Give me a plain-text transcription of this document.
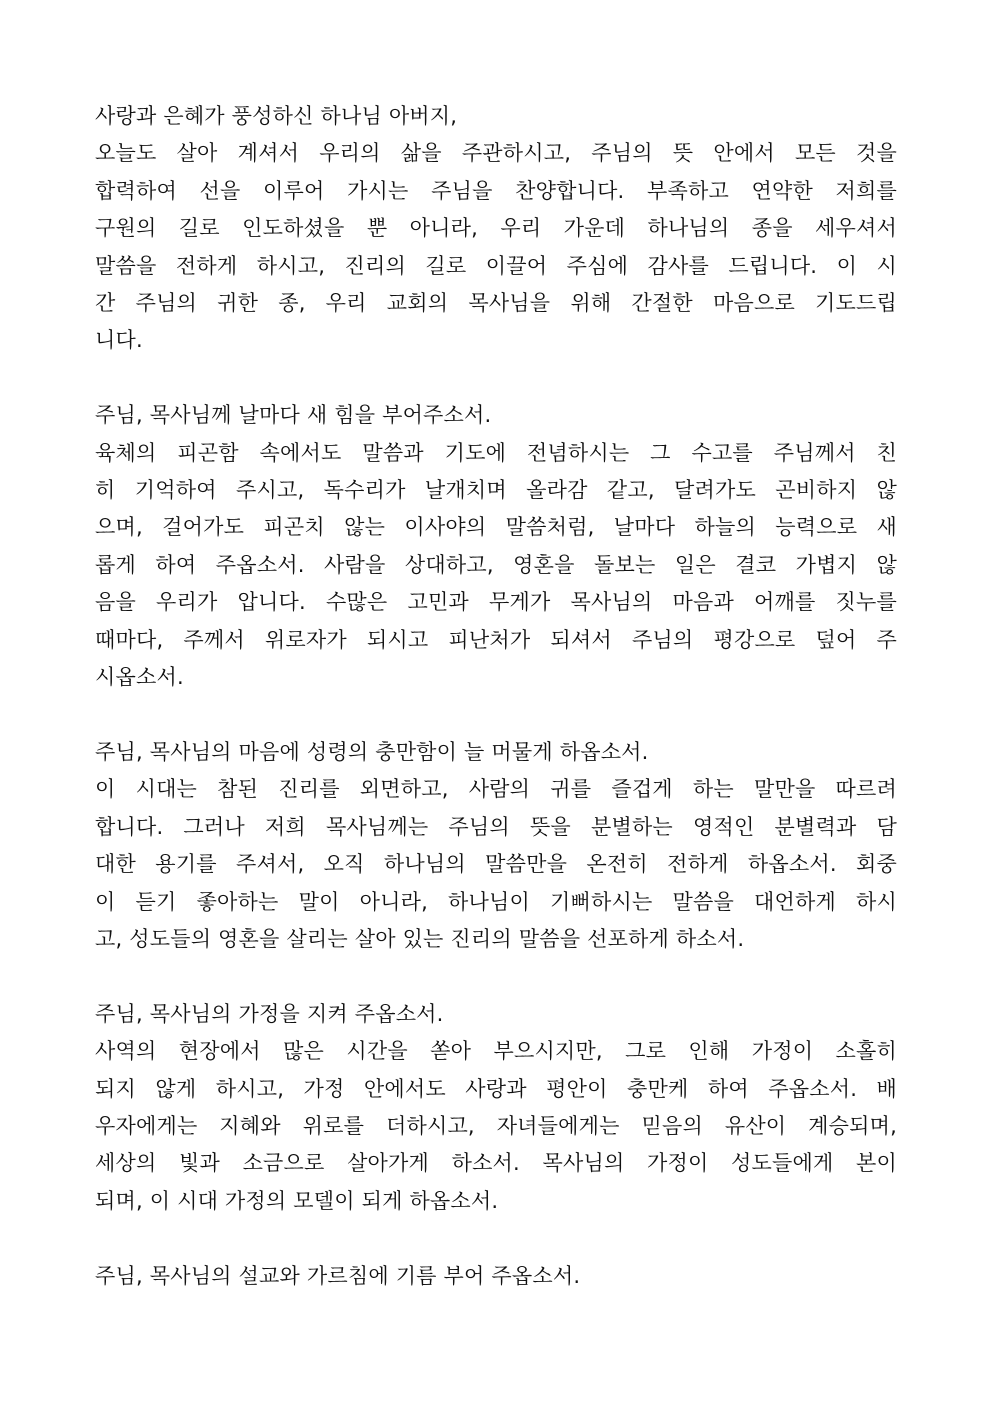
사랑과 은혜가 풍성하신 하나님 아버지,

오늘도 살아 계셔서 우리의 삶을 주관하시고, 주님의 뜻 안에서 모든 것을

합력하여 선을 이루어 가시는 주님을 찬양합니다. 부족하고 연약한 저희를

구원의 길로 인도하셨을 뿐 아니라, 우리 가운데 하나님의 종을 세우셔서

말씀을 전하게 하시고, 진리의 길로 이끌어 주심에 감사를 드립니다. 이 시

간 주님의 귀한 종, 우리 교회의 목사님을 위해 간절한 마음으로 기도드립

니다.

주님, 목사님께 날마다 새 힘을 부어주소서.

육체의 피곤함 속에서도 말씀과 기도에 전념하시는 그 수고를 주님께서 친

히 기억하여 주시고, 독수리가 날개치며 올라감 같고, 달려가도 곤비하지 않

으며, 걸어가도 피곤치 않는 이사야의 말씀처럼, 날마다 하늘의 능력으로 새

롭게 하여 주옵소서. 사람을 상대하고, 영혼을 돌보는 일은 결코 가볍지 않

음을 우리가 압니다. 수많은 고민과 무게가 목사님의 마음과 어깨를 짓누를

때마다, 주께서 위로자가 되시고 피난처가 되셔서 주님의 평강으로 덮어 주

시옵소서.

주님, 목사님의 마음에 성령의 충만함이 늘 머물게 하옵소서.

이 시대는 참된 진리를 외면하고, 사람의 귀를 즐겁게 하는 말만을 따르려

합니다. 그러나 저희 목사님께는 주님의 뜻을 분별하는 영적인 분별력과 담

대한 용기를 주셔서, 오직 하나님의 말씀만을 온전히 전하게 하옵소서. 회중

이 듣기 좋아하는 말이 아니라, 하나님이 기뻐하시는 말씀을 대언하게 하시

고, 성도들의 영혼을 살리는 살아 있는 진리의 말씀을 선포하게 하소서.

주님, 목사님의 가정을 지켜 주옵소서.

사역의 현장에서 많은 시간을 쏟아 부으시지만, 그로 인해 가정이 소홀히

되지 않게 하시고, 가정 안에서도 사랑과 평안이 충만케 하여 주옵소서. 배

우자에게는 지혜와 위로를 더하시고, 자녀들에게는 믿음의 유산이 계승되며,

세상의 빛과 소금으로 살아가게 하소서. 목사님의 가정이 성도들에게 본이

되며, 이 시대 가정의 모델이 되게 하옵소서.

주님, 목사님의 설교와 가르침에 기름 부어 주옵소서.
